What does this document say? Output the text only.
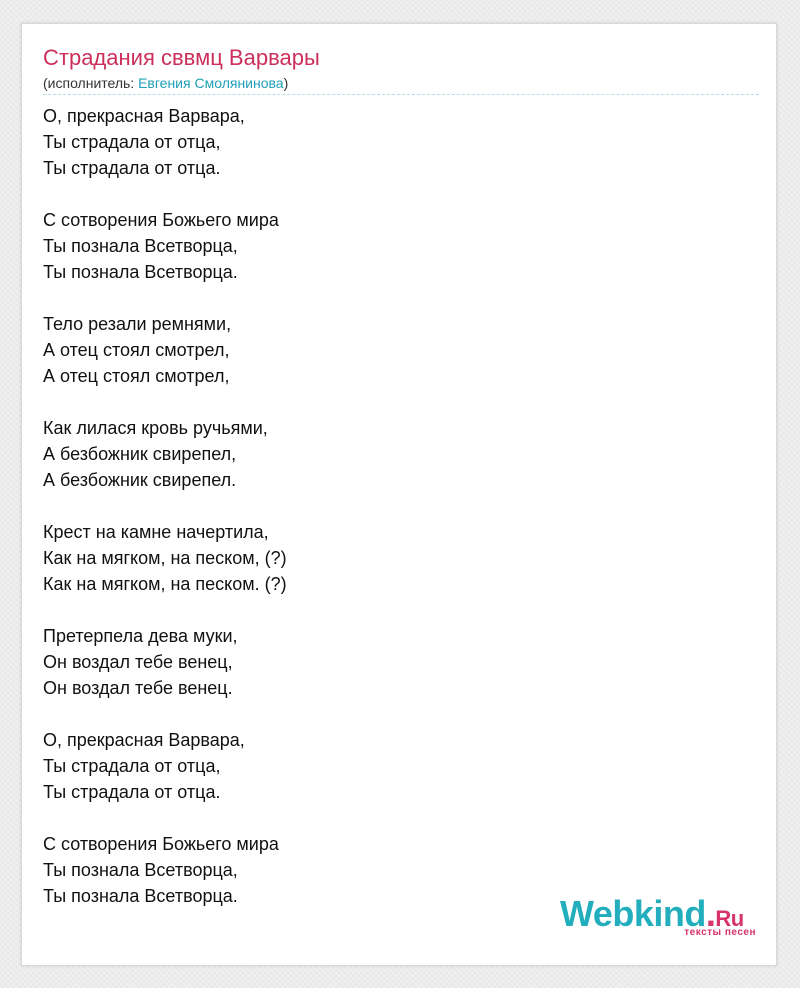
Страдания сввмц Варвары
(исполнитель: Евгения Смолянинова)
О, прекрасная Варвара,
Ты страдала от отца,
Ты страдала от отца.
С сотворения Божьего мира
Ты познала Всетворца,
Ты познала Всетворца.
Тело резали ремнями,
А отец стоял смотрел,
А отец стоял смотрел,
Как лилася кровь ручьями,
А безбожник свирепел,
А безбожник свирепел.
Крест на камне начертила,
Как на мягком, на песком, (?)
Как на мягком, на песком. (?)
Претерпела дева муки,
Он воздал тебе венец,
Он воздал тебе венец.
О, прекрасная Варвара,
Ты страдала от отца,
Ты страдала от отца.
С сотворения Божьего мира
Ты познала Всетворца,
Ты познала Всетворца.	Webkind.Ru
тексты песен
